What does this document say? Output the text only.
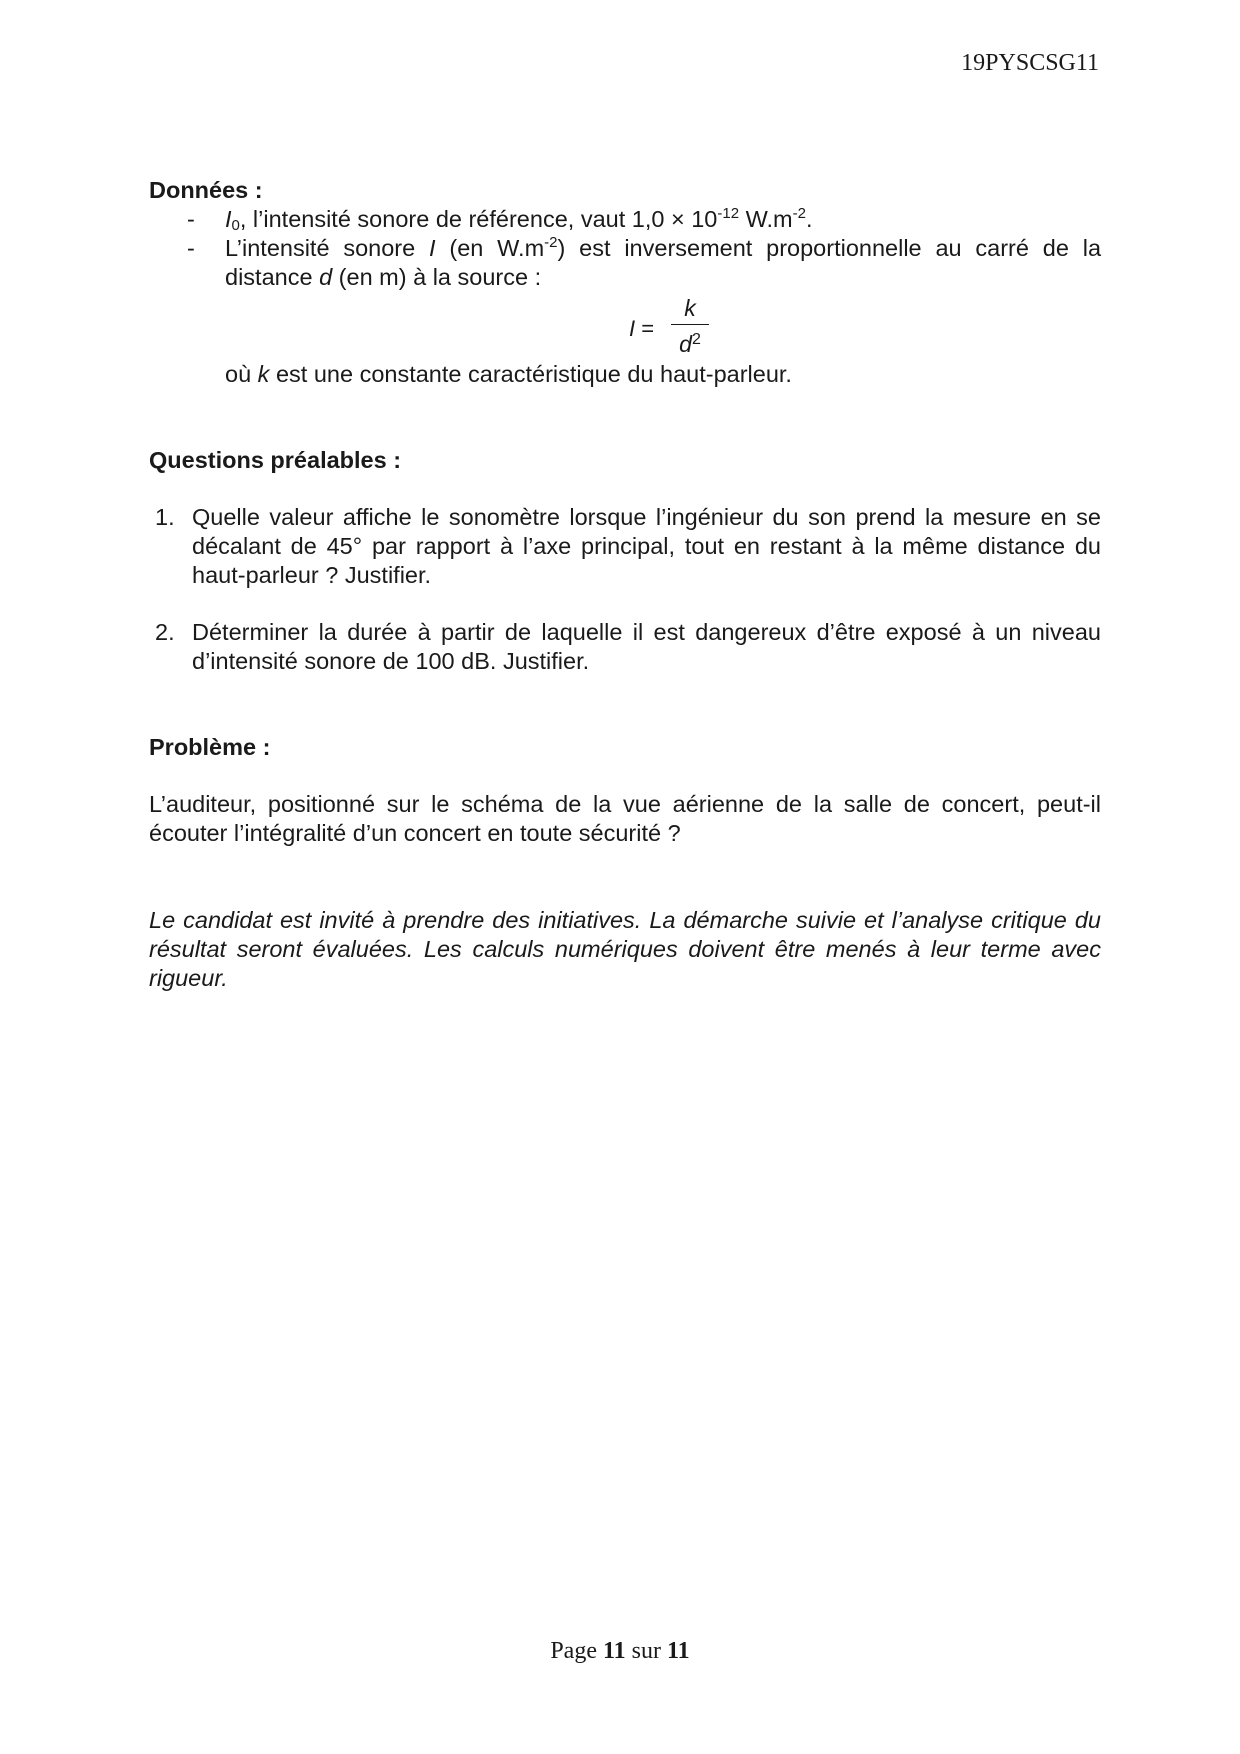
19PYSCSG11

Données :

- $I_0$, l’intensité sonore de référence, vaut $1,0 \times 10^{-12}$ $W.m^{-2}$.
- L’intensité sonore I (en $W.m^{-2}$) est inversement proportionnelle au carré de la distance d (en m) à la source :
I =
k
$d^2$
où k est une constante caractéristique du haut-parleur.

Questions préalables :

1. Quelle valeur affiche le sonomètre lorsque l’ingénieur du son prend la mesure en se décalant de 45° par rapport à l’axe principal, tout en restant à la même distance du haut-parleur ? Justifier.
2. Déterminer la durée à partir de laquelle il est dangereux d’être exposé à un niveau d’intensité sonore de 100 dB. Justifier.

Problème :

L’auditeur, positionné sur le schéma de la vue aérienne de la salle de concert, peut-il écouter l’intégralité d’un concert en toute sécurité ?

Le candidat est invité à prendre des initiatives. La démarche suivie et l’analyse critique du résultat seront évaluées. Les calculs numériques doivent être menés à leur terme avec rigueur.

Page 11 sur 11
